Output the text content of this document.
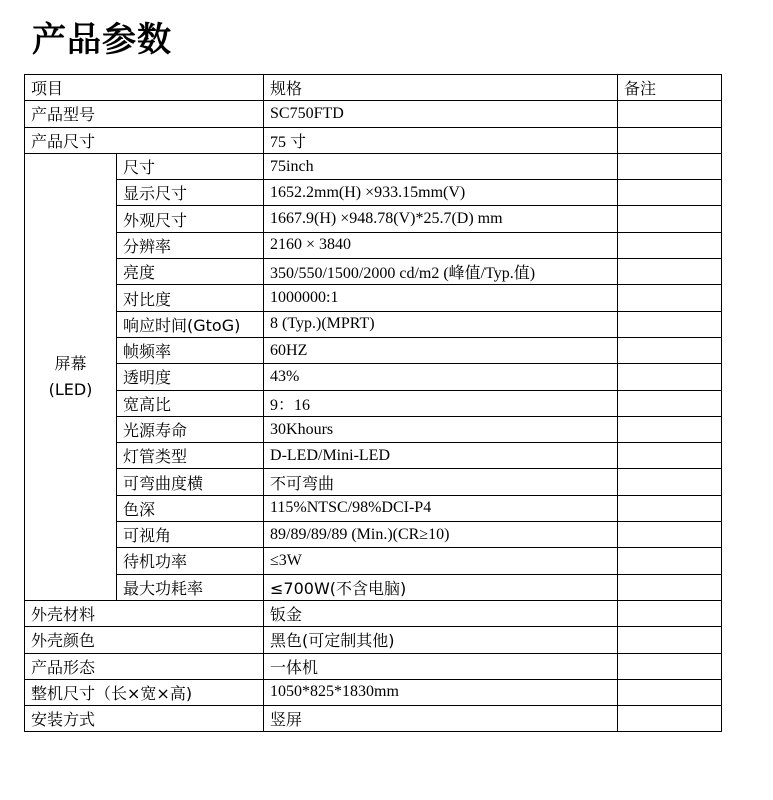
产品参数
项目		规格	备注
产品型号		SC750FTD	
产品尺寸		75 寸	
屏幕
(LED)	尺寸	75inch	
	显示尺寸	1652.2mm(H) ×933.15mm(V)	
	外观尺寸	1667.9(H) ×948.78(V)*25.7(D) mm	
	分辨率	2160 × 3840	
	亮度	350/550/1500/2000 cd/m2 (峰值/Typ.值)	
	对比度	1000000:1	
	响应时间(GtoG)	8 (Typ.)(MPRT)	
	帧频率	60HZ	
	透明度	43%	
	宽高比	9：16	
	光源寿命	30Khours	
	灯管类型	D-LED/Mini-LED	
	可弯曲度横	不可弯曲	
	色深	115%NTSC/98%DCI-P4	
	可视角	89/89/89/89 (Min.)(CR≥10)	
	待机功率	≤3W	
	最大功耗率	≤700W(不含电脑)	
外壳材料		钣金	
外壳颜色		黑色(可定制其他)	
产品形态		一体机	
整机尺寸（长×宽×高)		1050*825*1830mm	
安装方式		竖屏	
